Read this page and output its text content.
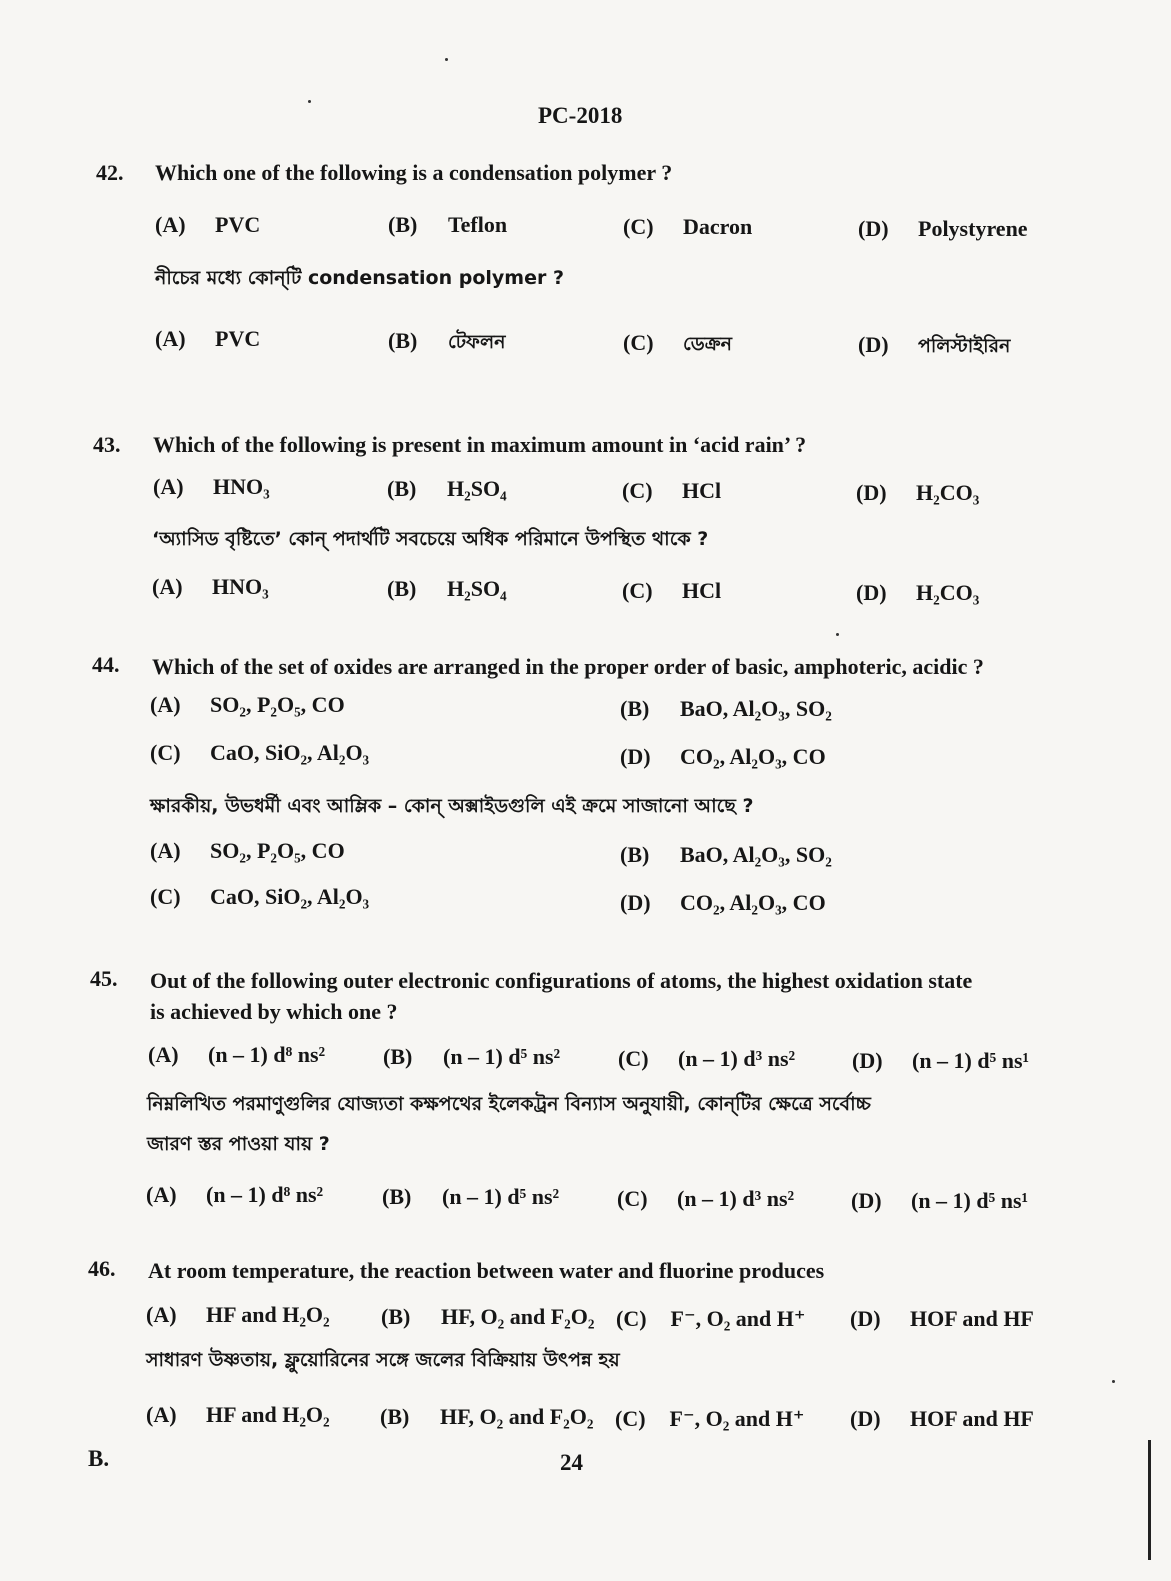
PC-2018
42. Which one of the following is a condensation polymer ?
(A) PVC	(B) Teflon	(C) Dacron	(D) Polystyrene
নীচের মধ্যে কোন্‌টি condensation polymer ?
(A) PVC	(B) টেফলন	(C) ডেক্রন	(D) পলিস্টাইরিন
43. Which of the following is present in maximum amount in ‘acid rain’ ?
(A) HNO₃	(B) H₂SO₄	(C) HCl	(D) H₂CO₃
‘অ্যাসিড বৃষ্টিতে’ কোন্ পদার্থটি সবচেয়ে অধিক পরিমানে উপস্থিত থাকে ?
(A) HNO₃	(B) H₂SO₄	(C) HCl	(D) H₂CO₃
44. Which of the set of oxides are arranged in the proper order of basic, amphoteric, acidic ?
(A) SO₂, P₂O₅, CO	(B) BaO, Al₂O₃, SO₂
(C) CaO, SiO₂, Al₂O₃	(D) CO₂, Al₂O₃, CO
ক্ষারকীয়, উভধর্মী এবং আম্লিক – কোন্ অক্সাইডগুলি এই ক্রমে সাজানো আছে ?
(A) SO₂, P₂O₅, CO	(B) BaO, Al₂O₃, SO₂
(C) CaO, SiO₂, Al₂O₃	(D) CO₂, Al₂O₃, CO
45. Out of the following outer electronic configurations of atoms, the highest oxidation state
is achieved by which one ?
(A) (n – 1) d⁸ ns²	(B) (n – 1) d⁵ ns²	(C) (n – 1) d³ ns²	(D) (n – 1) d⁵ ns¹
নিম্নলিখিত পরমাণুগুলির যোজ্যতা কক্ষপথের ইলেকট্রন বিন্যাস অনুযায়ী, কোন্‌টির ক্ষেত্রে সর্বোচ্চ
জারণ স্তর পাওয়া যায় ?
(A) (n – 1) d⁸ ns²	(B) (n – 1) d⁵ ns²	(C) (n – 1) d³ ns²	(D) (n – 1) d⁵ ns¹
46. At room temperature, the reaction between water and fluorine produces
(A) HF and H₂O₂ (B) HF, O₂ and F₂O₂ (C) F⁻, O₂ and H⁺ (D) HOF and HF
সাধারণ উষ্ণতায়, ফ্লুয়োরিনের সঙ্গে জলের বিক্রিয়ায় উৎপন্ন হয়
(A) HF and H₂O₂ (B) HF, O₂ and F₂O₂ (C) F⁻, O₂ and H⁺ (D) HOF and HF
B.	24
